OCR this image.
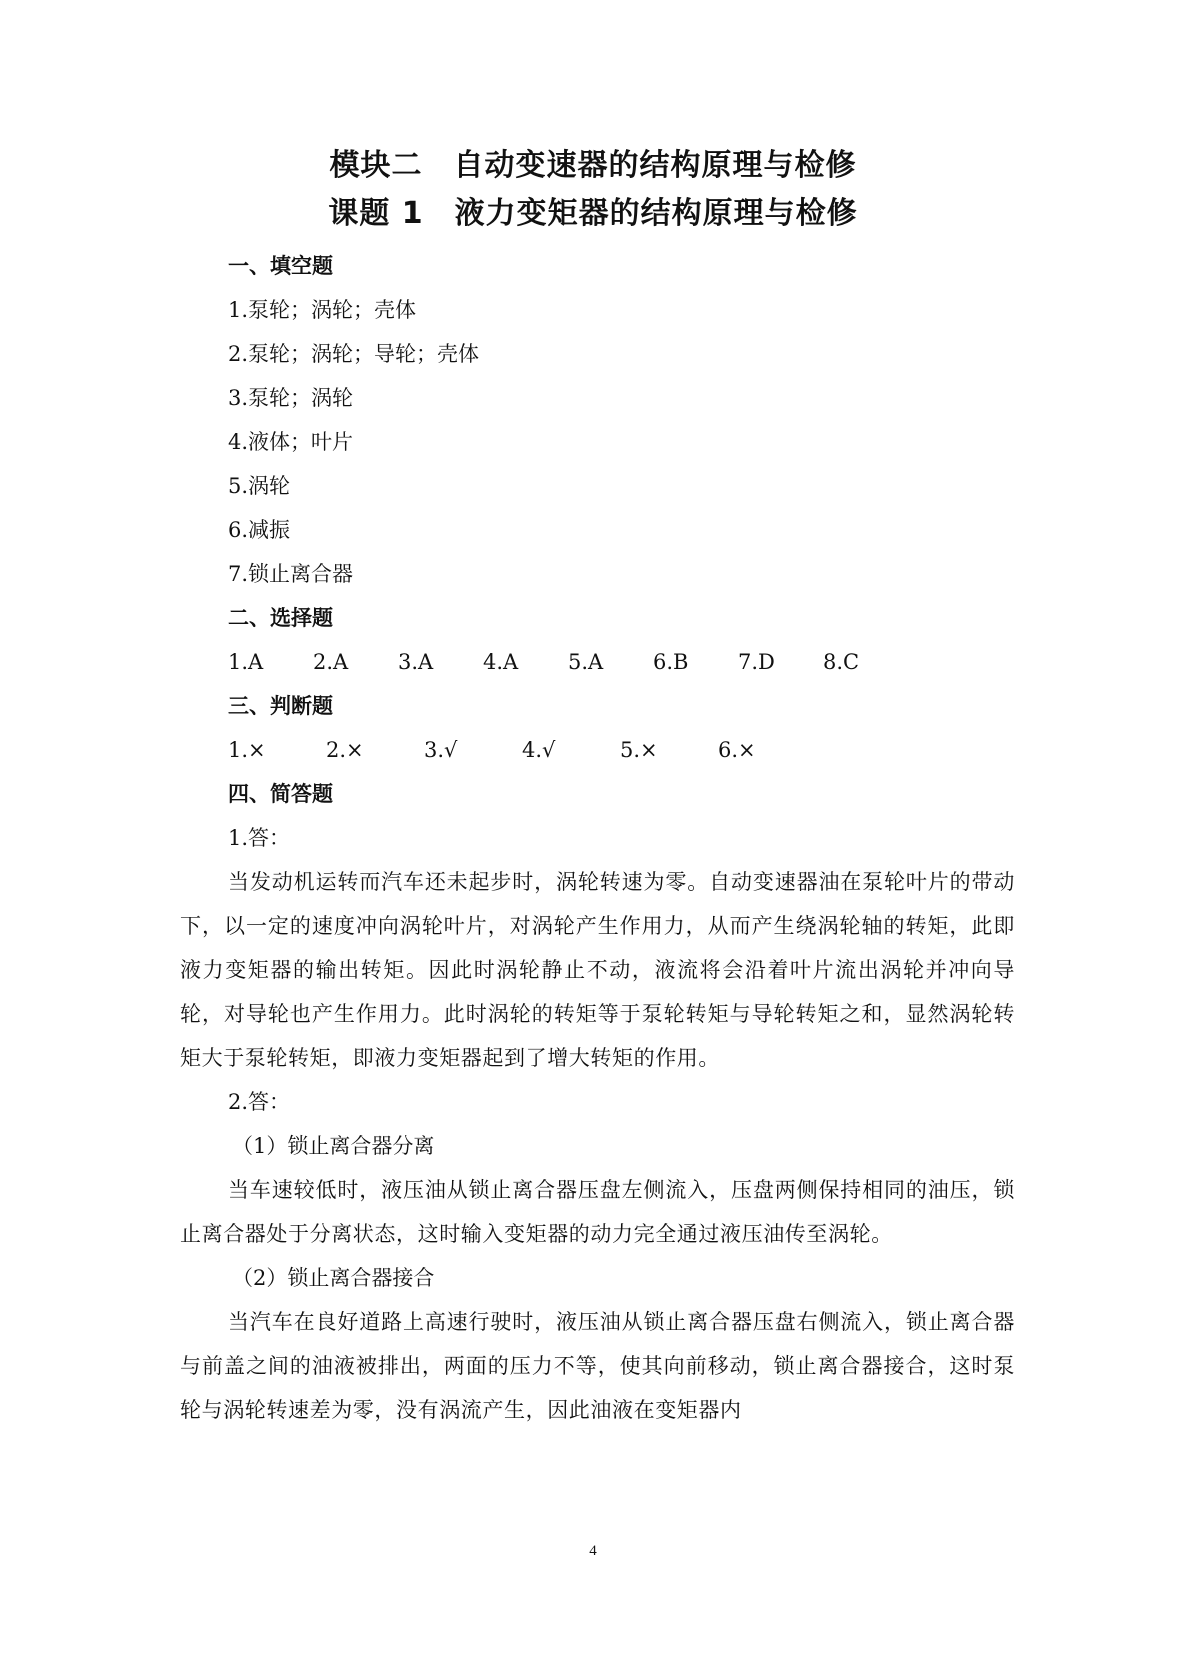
模块二　自动变速器的结构原理与检修
课题 1　液力变矩器的结构原理与检修
一、填空题
1.泵轮；涡轮；壳体
2.泵轮；涡轮；导轮；壳体
3.泵轮；涡轮
4.液体；叶片
5.涡轮
6.减振
7.锁止离合器
二、选择题
1.A 2.A 3.A 4.A 5.A 6.B 7.D 8.C
三、判断题
1.×	2.×	3.√	4.√	5.×	6.×
四、简答题
1.答：

当发动机运转而汽车还未起步时，涡轮转速为零。自动变速器油在泵轮叶片的带动下，以一定的速度冲向涡轮叶片，对涡轮产生作用力，从而产生绕涡轮轴的转矩，此即液力变矩器的输出转矩。因此时涡轮静止不动，液流将会沿着叶片流出涡轮并冲向导轮，对导轮也产生作用力。此时涡轮的转矩等于泵轮转矩与导轮转矩之和，显然涡轮转矩大于泵轮转矩，即液力变矩器起到了增大转矩的作用。

2.答：
（1）锁止离合器分离

当车速较低时，液压油从锁止离合器压盘左侧流入，压盘两侧保持相同的油压，锁止离合器处于分离状态，这时输入变矩器的动力完全通过液压油传至涡轮。

（2）锁止离合器接合

当汽车在良好道路上高速行驶时，液压油从锁止离合器压盘右侧流入，锁止离合器与前盖之间的油液被排出，两面的压力不等，使其向前移动，锁止离合器接合，这时泵轮与涡轮转速差为零，没有涡流产生，因此油液在变矩器内

4
